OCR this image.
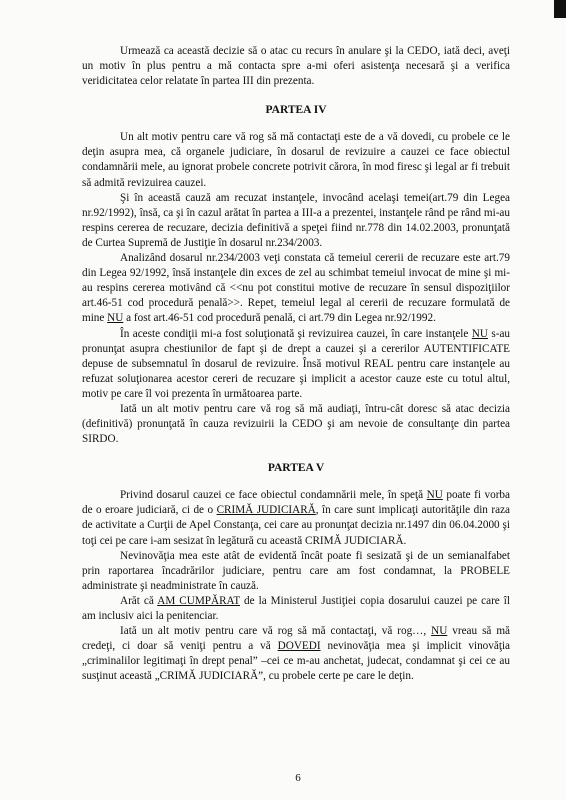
Urmează ca această decizie să o atac cu recurs în anulare şi la CEDO, iată deci, aveţi un motiv în plus pentru a mă contacta spre a-mi oferi asistenţa necesară şi a verifica veridicitatea celor relatate în partea III din prezenta.

PARTEA IV

Un alt motiv pentru care vă rog să mă contactaţi este de a vă dovedi, cu probele ce le deţin asupra mea, că organele judiciare, în dosarul de revizuire a cauzei ce face obiectul condamnării mele, au ignorat probele concrete potrivit cărora, în mod firesc şi legal ar fi trebuit să admită revizuirea cauzei.

Şi în această cauză am recuzat instanţele, invocând acelaşi temei(art.79 din Legea nr.92/1992), însă, ca şi în cazul arătat în partea a III-a a prezentei, instanţele rând pe rând mi-au respins cererea de recuzare, decizia definitivă a speţei fiind nr.778 din 14.02.2003, pronunţată de Curtea Supremă de Justiţie în dosarul nr.234/2003.

Analizând dosarul nr.234/2003 veţi constata că temeiul cererii de recuzare este art.79 din Legea 92/1992, însă instanţele din exces de zel au schimbat temeiul invocat de mine şi mi-au respins cererea motivând că <<nu pot constitui motive de recuzare în sensul dispoziţiilor art.46-51 cod procedură penală>>. Repet, temeiul legal al cererii de recuzare formulată de mine NU a fost art.46-51 cod procedură penală, ci art.79 din Legea nr.92/1992.

În aceste condiţii mi-a fost soluţionată şi revizuirea cauzei, în care instanţele NU s-au pronunţat asupra chestiunilor de fapt şi de drept a cauzei şi a cererilor AUTENTIFICATE depuse de subsemnatul în dosarul de revizuire. Însă motivul REAL pentru care instanţele au refuzat soluţionarea acestor cereri de recuzare şi implicit a acestor cauze este cu totul altul, motiv pe care îl voi prezenta în următoarea parte.

Iată un alt motiv pentru care vă rog să mă audiaţi, întru-cât doresc să atac decizia (definitivă) pronunţată în cauza revizuirii la CEDO şi am nevoie de consultanţe din partea SIRDO.

PARTEA V

Privind dosarul cauzei ce face obiectul condamnării mele, în speţă NU poate fi vorba de o eroare judiciară, ci de o CRIMĂ JUDICIARĂ, în care sunt implicaţi autorităţile din raza de activitate a Curţii de Apel Constanţa, cei care au pronunţat decizia nr.1497 din 06.04.2000 şi toţi cei pe care i-am sesizat în legătură cu această CRIMĂ JUDICIARĂ.

Nevinovăţia mea este atât de evidentă încât poate fi sesizată şi de un semianalfabet prin raportarea încadrărilor judiciare, pentru care am fost condamnat, la PROBELE administrate şi neadministrate în cauză.

Arăt că AM CUMPĂRAT de la Ministerul Justiţiei copia dosarului cauzei pe care îl am inclusiv aici la penitenciar.

Iată un alt motiv pentru care vă rog să mă contactaţi, vă rog…, NU vreau să mă credeţi, ci doar să veniţi pentru a vă DOVEDI nevinovăţia mea şi implicit vinovăţia „criminalilor legitimaţi în drept penal” –cei ce m-au anchetat, judecat, condamnat şi cei ce au susţinut această „CRIMĂ JUDICIARĂ”, cu probele certe pe care le deţin.

6
